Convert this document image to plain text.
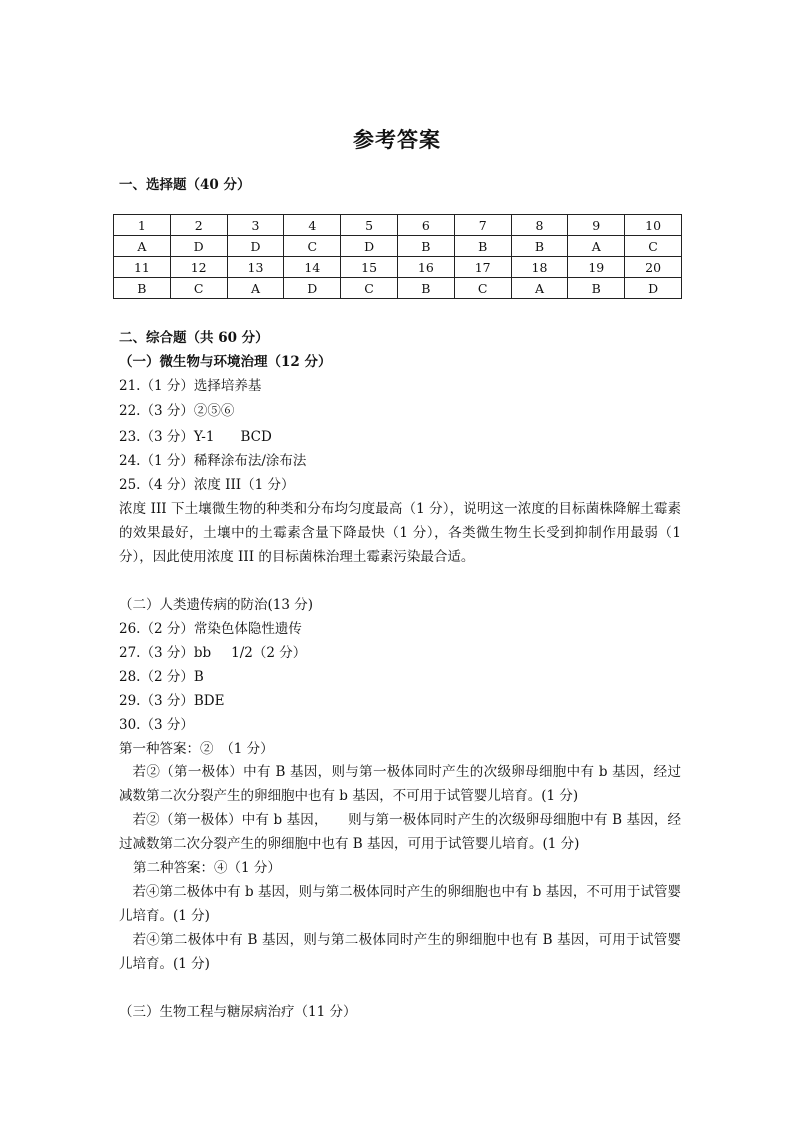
参考答案
一、选择题（40 分）
1	2	3	4	5	6	7	8	9	10
A	D	D	C	D	B	B	B	A	C
11	12	13	14	15	16	17	18	19	20
B	C	A	D	C	B	C	A	B	D
二、综合题（共 60 分）
（一）微生物与环境治理（12 分）
21.（1 分）选择培养基
22.（3 分）②⑤⑥
23.（3 分）Y-1 BCD
24.（1 分）稀释涂布法/涂布法
25.（4 分）浓度 III（1 分）
浓度 III 下土壤微生物的种类和分布均匀度最高（1 分），说明这一浓度的目标菌株降解土霉素的效果最好，土壤中的土霉素含量下降最快（1 分），各类微生物生长受到抑制作用最弱（1 分），因此使用浓度 III 的目标菌株治理土霉素污染最合适。
（二）人类遗传病的防治(13 分)
26.（2 分）常染色体隐性遗传
27.（3 分）bb 1/2（2 分）
28.（2 分）B
29.（3 分）BDE
30.（3 分）
第一种答案：②　（1 分）
若②（第一极体）中有 B 基因，则与第一极体同时产生的次级卵母细胞中有 b 基因，经过减数第二次分裂产生的卵细胞中也有 b 基因，不可用于试管婴儿培育。(1 分)
若②（第一极体）中有 b 基因，　　则与第一极体同时产生的次级卵母细胞中有 B 基因，经过减数第二次分裂产生的卵细胞中也有 B 基因，可用于试管婴儿培育。(1 分)
第二种答案：④（1 分）
若④第二极体中有 b 基因，则与第二极体同时产生的卵细胞也中有 b 基因，不可用于试管婴儿培育。(1 分)
若④第二极体中有 B 基因，则与第二极体同时产生的卵细胞中也有 B 基因，可用于试管婴儿培育。(1 分)
（三）生物工程与糖尿病治疗（11 分）
